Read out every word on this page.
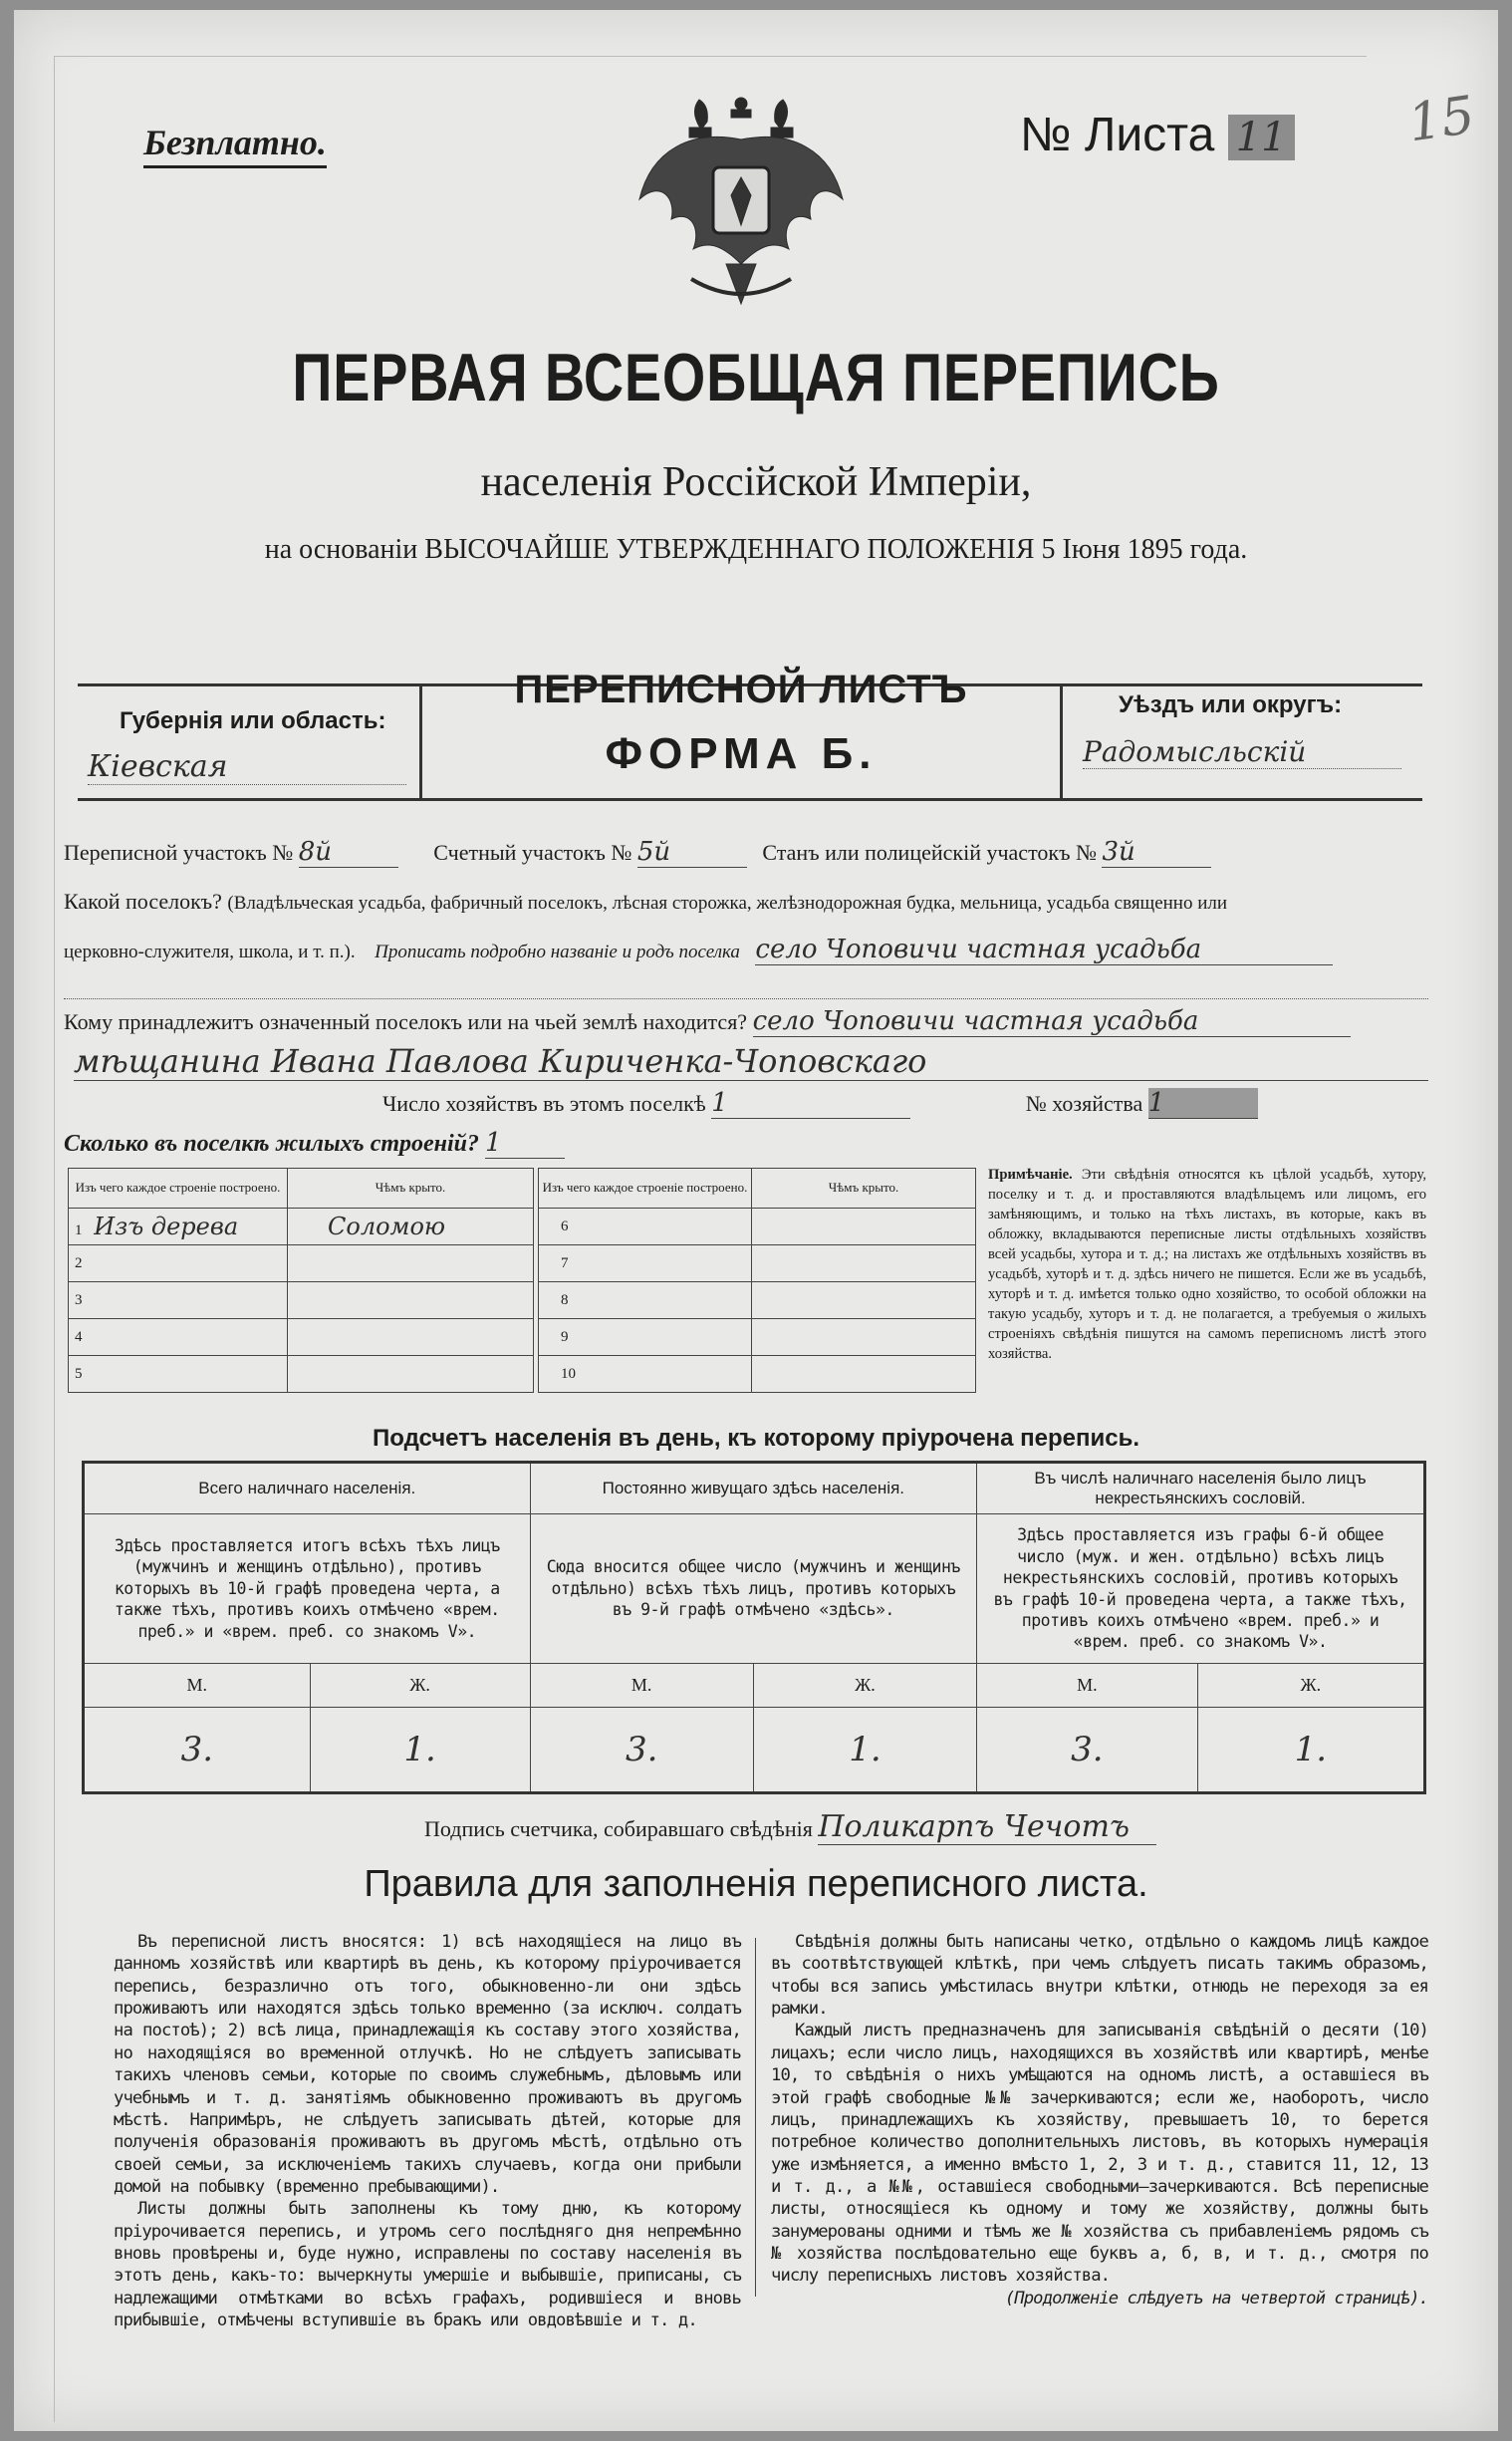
Безплатно.	№ Листа 11 15
ПЕРВАЯ ВСЕОБЩАЯ ПЕРЕПИСЬ
населенія Россійской Имперіи,
на основаніи ВЫСОЧАЙШЕ УТВЕРЖДЕННАГО ПОЛОЖЕНІЯ 5 Іюня 1895 года.
Губернія или область:
Кіевская
ПЕРЕПИСНОЙ ЛИСТЪ
ФОРМА Б.
Уѣздъ или округъ:
Радомысльскій
Переписной участокъ № 8й	Счетный участокъ № 5й	Станъ или полицейскій участокъ № 3й
Какой поселокъ? (Владѣльческая усадьба, фабричный поселокъ, лѣсная сторожка, желѣзнодорожная будка, мельница, усадьба священно или
церковно-служителя, школа, и т. п.). Прописать подробно названіе и родъ поселка село Чоповичи частная усадьба
Кому принадлежитъ означенный поселокъ или на чьей землѣ находится? село Чоповичи частная усадьба
мѣщанина Ивана Павлова Кириченка-Чоповскаго
Число хозяйствъ въ этомъ поселкѣ 1	№ хозяйства 1
Сколько въ поселкѣ жилыхъ строеній? 1
Изъ чего каждое строеніе построено.	Чѣмъ крыто.
1 Изъ дерева	Соломою
2	
3	
4	
5	
Изъ чего каждое строеніе построено.	Чѣмъ крыто.
6	
7	
8	
9	
10	
Примѣчаніе. Эти свѣдѣнія относятся къ цѣлой усадьбѣ, хутору, поселку и т. д. и проставляются владѣльцемъ или лицомъ, его замѣняющимъ, и только на тѣхъ листахъ, въ которые, какъ въ обложку, вкладываются переписные листы отдѣльныхъ хозяйствъ всей усадьбы, хутора и т. д.; на листахъ же отдѣльныхъ хозяйствъ въ усадьбѣ, хуторѣ и т. д. здѣсь ничего не пишется. Если же въ усадьбѣ, хуторѣ и т. д. имѣется только одно хозяйство, то особой обложки на такую усадьбу, хуторъ и т. д. не полагается, а требуемыя о жилыхъ строеніяхъ свѣдѣнія пишутся на самомъ переписномъ листѣ этого хозяйства.
Подсчетъ населенія въ день, къ которому пріурочена перепись.
Всего наличнаго населенія.		Постоянно живущаго здѣсь населенія.		Въ числѣ наличнаго населенія было лицъ некрестьянскихъ сословій.	
Здѣсь проставляется итогъ всѣхъ тѣхъ лицъ (мужчинъ и женщинъ отдѣльно), противъ которыхъ въ 10-й графѣ проведена черта, а также тѣхъ, противъ коихъ отмѣчено «врем. преб.» и «врем. преб. со знакомъ V».		Сюда вносится общее число (мужчинъ и женщинъ отдѣльно) всѣхъ тѣхъ лицъ, противъ которыхъ въ 9-й графѣ отмѣчено «здѣсь».		Здѣсь проставляется изъ графы 6-й общее число (муж. и жен. отдѣльно) всѣхъ лицъ некрестьянскихъ сословій, противъ которыхъ въ графѣ 10-й проведена черта, а также тѣхъ, противъ коихъ отмѣчено «врем. преб.» и «врем. преб. со знакомъ V».	
М.	Ж.	М.	Ж.	М.	Ж.
3.	1.	3.	1.	3.	1.
Подпись счетчика, собиравшаго свѣдѣнія Поликарпъ Чечотъ
Правила для заполненія переписного листа.

Въ переписной листъ вносятся: 1) всѣ находящіеся на лицо въ данномъ хозяйствѣ или квартирѣ въ день, къ которому пріурочивается перепись, безразлично отъ того, обыкновенно-ли они здѣсь проживаютъ или находятся здѣсь только временно (за исключ. солдатъ на постоѣ); 2) всѣ лица, принадлежащія къ составу этого хозяйства, но находящіяся во временной отлучкѣ. Но не слѣдуетъ записывать такихъ членовъ семьи, которые по своимъ служебнымъ, дѣловымъ или учебнымъ и т. д. занятіямъ обыкновенно проживаютъ въ другомъ мѣстѣ. Напримѣръ, не слѣдуетъ записывать дѣтей, которые для полученія образованія проживаютъ въ другомъ мѣстѣ, отдѣльно отъ своей семьи, за исключеніемъ такихъ случаевъ, когда они прибыли домой на побывку (временно пребывающими).

Листы должны быть заполнены къ тому дню, къ которому пріурочивается перепись, и утромъ сего послѣдняго дня непремѣнно вновь провѣрены и, буде нужно, исправлены по составу населенія въ этотъ день, какъ-то: вычеркнуты умершіе и выбывшіе, приписаны, съ надлежащими отмѣтками во всѣхъ графахъ, родившіеся и вновь прибывшіе, отмѣчены вступившіе въ бракъ или овдовѣвшіе и т. д.

Свѣдѣнія должны быть написаны четко, отдѣльно о каждомъ лицѣ каждое въ соотвѣтствующей клѣткѣ, при чемъ слѣдуетъ писать такимъ образомъ, чтобы вся запись умѣстилась внутри клѣтки, отнюдь не переходя за ея рамки.

Каждый листъ предназначенъ для записыванія свѣдѣній о десяти (10) лицахъ; если число лицъ, находящихся въ хозяйствѣ или квартирѣ, менѣе 10, то свѣдѣнія о нихъ умѣщаются на одномъ листѣ, а оставшіеся въ этой графѣ свободные №№ зачеркиваются; если же, наоборотъ, число лицъ, принадлежащихъ къ хозяйству, превышаетъ 10, то берется потребное количество дополнительныхъ листовъ, въ которыхъ нумерація уже измѣняется, а именно вмѣсто 1, 2, 3 и т. д., ставится 11, 12, 13 и т. д., а №№, оставшіеся свободными—зачеркиваются. Всѣ переписные листы, относящіеся къ одному и тому же хозяйству, должны быть занумерованы одними и тѣмъ же № хозяйства съ прибавленіемъ рядомъ съ № хозяйства послѣдовательно еще буквъ а, б, в, и т. д., смотря по числу переписныхъ листовъ хозяйства.

(Продолженіе слѣдуетъ на четвертой страницѣ).
